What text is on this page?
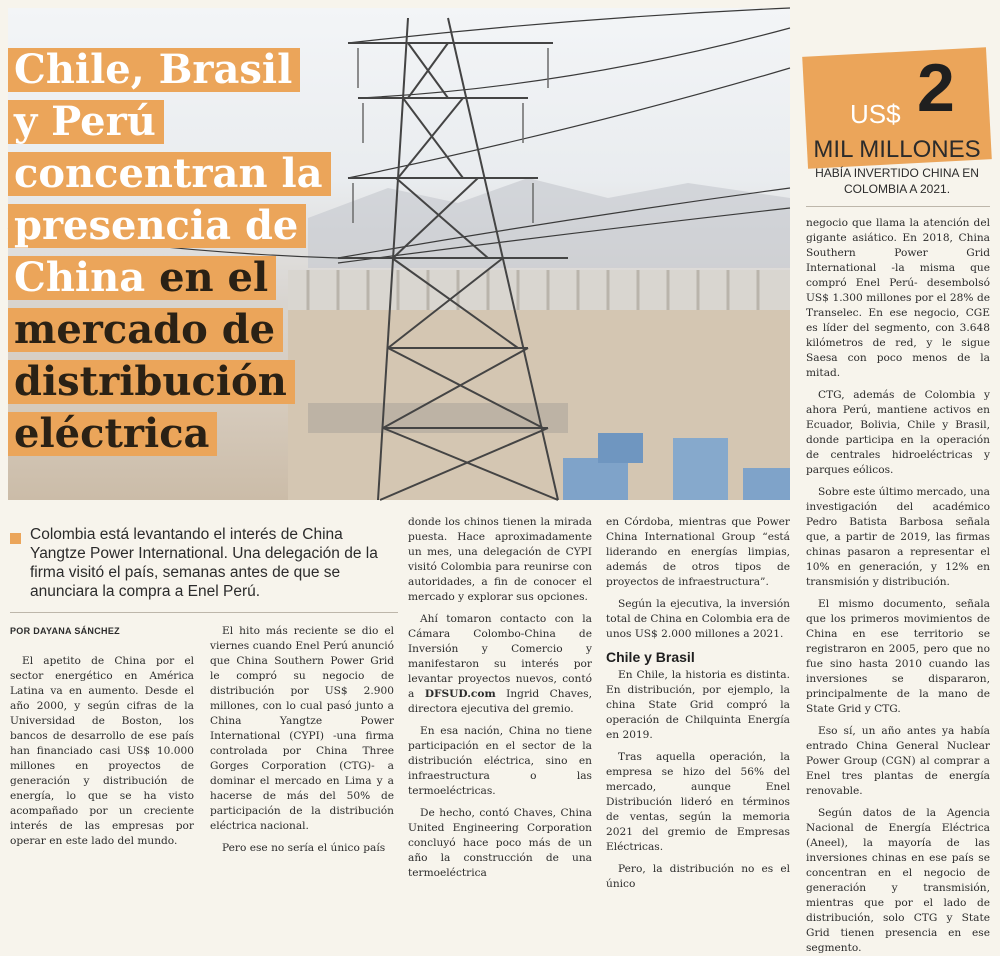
Chile, Brasil
y Perú
concentran la
presencia de
China en el
mercado de
distribución
eléctrica
US$ 2
MIL MILLONES
HABÍA INVERTIDO CHINA EN COLOMBIA A 2021.
Colombia está levantando el interés de China Yangtze Power International. Una delegación de la firma visitó el país, semanas antes de que se anunciara la compra a Enel Perú.
POR DAYANA SÁNCHEZ

El apetito de China por el sector energético en América Latina va en aumento. Desde el año 2000, y según cifras de la Universidad de Boston, los bancos de desarrollo de ese país han financiado casi US$ 10.000 millones en proyectos de generación y distribución de energía, lo que se ha visto acompañado por un creciente interés de las empresas por operar en este lado del mundo.

El hito más reciente se dio el viernes cuando Enel Perú anunció que China Southern Power Grid le compró su negocio de distribución por US$ 2.900 millones, con lo cual pasó junto a China Yangtze Power International (CYPI) -una firma controlada por China Three Gorges Corporation (CTG)- a dominar el mercado en Lima y a hacerse de más del 50% de participación de la distribución eléctrica nacional.

Pero ese no sería el único país

donde los chinos tienen la mirada puesta. Hace aproximadamente un mes, una delegación de CYPI visitó Colombia para reunirse con autoridades, a fin de conocer el mercado y explorar sus opciones.

Ahí tomaron contacto con la Cámara Colombo-China de Inversión y Comercio y manifestaron su interés por levantar proyectos nuevos, contó a DFSUD.com Ingrid Chaves, directora ejecutiva del gremio.

En esa nación, China no tiene participación en el sector de la distribución eléctrica, sino en infraestructura o las termoeléctricas.

De hecho, contó Chaves, China United Engineering Corporation concluyó hace poco más de un año la construcción de una termoeléctrica

en Córdoba, mientras que Power China International Group “está liderando en energías limpias, además de otros tipos de proyectos de infraestructura”.

Según la ejecutiva, la inversión total de China en Colombia era de unos US$ 2.000 millones a 2021.

Chile y Brasil

En Chile, la historia es distinta. En distribución, por ejemplo, la china State Grid compró la operación de Chilquinta Energía en 2019.

Tras aquella operación, la empresa se hizo del 56% del mercado, aunque Enel Distribución lideró en términos de ventas, según la memoria 2021 del gremio de Empresas Eléctricas.

Pero, la distribución no es el único

negocio que llama la atención del gigante asiático. En 2018, China Southern Power Grid International -la misma que compró Enel Perú- desembolsó US$ 1.300 millones por el 28% de Transelec. En ese negocio, CGE es líder del segmento, con 3.648 kilómetros de red, y le sigue Saesa con poco menos de la mitad.

CTG, además de Colombia y ahora Perú, mantiene activos en Ecuador, Bolivia, Chile y Brasil, donde participa en la operación de centrales hidroeléctricas y parques eólicos.

Sobre este último mercado, una investigación del académico Pedro Batista Barbosa señala que, a partir de 2019, las firmas chinas pasaron a representar el 10% en generación, y 12% en transmisión y distribución.

El mismo documento, señala que los primeros movimientos de China en ese territorio se registraron en 2005, pero que no fue sino hasta 2010 cuando las inversiones se dispararon, principalmente de la mano de State Grid y CTG.

Eso sí, un año antes ya había entrado China General Nuclear Power Group (CGN) al comprar a Enel tres plantas de energía renovable.

Según datos de la Agencia Nacional de Energía Eléctrica (Aneel), la mayoría de las inversiones chinas en ese país se concentran en el negocio de generación y transmisión, mientras que por el lado de distribución, solo CTG y State Grid tienen presencia en ese segmento.
